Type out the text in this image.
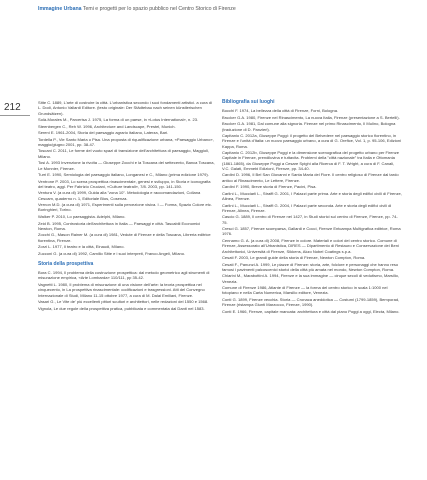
Immagine Urbana Temi e progetti per lo spazio pubblico nel Centro Storico di Firenze
212	Sitte C. 1889, L'arte di costruire la città. L'urbanistica secondo i suoi fondamenti artistici. a cura di L. Dodi, Antonio Vallardi Editore. (testo originale: Der Städtebau nach seinen künstlerischen Grundsätzen).

Solà-Morales M., Parcerisa J. 1975, La forma di un paese, in «Lotus International», n. 23.

Steenbergen C., Reh W. 1996, Architecture and Landscape, Prestel, Munich.

Sereni E. 1961-2004, Storia del paesaggio agrario italiano, Laterza, Bari.

Tordella P., Vie Santo Maria o Pisa. Una proposta di riqualificazione urbana, «Paesaggio Urbano», maggio/giugno 2001, pp. 38-47.

Toscani C. 2011, Le forme del vuoto spazi di transizione dell'architettura di paesaggio, Maggioli, Milano.

Tosi A. 1993 Invenzione la rivolta — Giuseppe Zocchi e la Toscana del settecento, Banca Toscana, Le Monnier, Firenze.

Turri E. 1990, Semiologia del paesaggio italiano, Longanesi e C., Milano (prima edizione 1979).

Ventrone P. 2003, Lo scena prospettica rinascimentale, genesi e sviluppo, in Storia e iconografia del teatro, aggi. Per Fabrizio Cruciani, «Culture teatrali», 7/8. 2003, pp. 141-150.

Ventura V. (a cura di) 1999, Guida alla "zona 10". Metodologia e raccomandazioni, Collana Cescam, quaderno n. 1, Editoriale Bios, Cosenza.

Vernon M.D. (a cura di) 1971, Esperimenti sulla percezione visiva. I — Forma, Spazio Colore etc. Boringhieri, Torino.

Walker P. 2010, Lo paesaggista. Adelphi, Milano.

Zeid B. 1995, Controstoria dell'architettura in Italia — Paesaggi e città. Tascabili Economici Newton, Roma.

Zocchi G., Mason Rainer M. (a cura di) 1981, Vedute di Firenze e della Toscana, Libreria editrice fiorentina, Firenze.

Zorzi L. 1977, Il teatro e la città, Einaudi, Milano.

Zucconi G. (a cura di) 1992, Camillo Sitte e i suoi interpreti, Franco Angeli, Milano.

Storia della prospettiva

Bora C. 1994, Il problema della costruzione prospettica: dal metodo geometrico agli strumenti di misurazione empirica, «Arte Lombarda» 110/111, pp 35-42.

Vagnetti L. 1980, Il problema di misurazione di una visione dell'arte: la teoria prospettica nel cinquecento, in La prospettiva rinascimentale: codificazioni e trasgressioni. Atti del Convegno Internazionale di Studi, Milano 11-15 ottobre 1977, a cura di M. Dalai Emiliani, Firenze.

Vasari G., Le Vite de' più eccellenti pittori scultori e architettori, nelle redazioni del 1550 e 1568.

Vignola, Le due regole della prospettiva pratica, pubblicata e commentata dal Danti nel 1583.

Bibliografia sui luoghi

Bocchi F. 1974, La bellezza della città di Firenze, Forni, Bologna.

Brucker G.A. 1980, Firenze nel Rinascimento, La nuova Italia, Firenze (presentazione a S. Bertelli).

Brucker G.A. 1981, Dal comune alla signoria. Firenze nel primo Rinascimento, Il Mulino, Bologna (traduzione di D. Panzieri).

Capitanio C. 2012a, Giuseppe Poggi: il progetto del Belvedere nel paesaggio storico fiorentino, in Firenze e l'unità d'Italia: un nuovo paesaggio urbano, a cura di G. Orefice, Vol. 1, p. 95-106, Edizioni Kappa, Roma.

Capitanio C. 2012b, Giuseppe Poggi e la dimensione scenografica del progetto urbano per Firenze Capitale in Firenze, prendiluvina e tuttavita. Problemi della "città nazionale" tra Italia e Ottomania (1861-1865), da Giuseppe Poggi a Cesare Spighi alla Ricerca di F. T. Wright, a cura di F. Canali, V.C. Galati, Emmebi Edizioni, Firenze, pp. 34-40.

Cardini D. 1996, Il Bel San Giovanni e Santa Maria del Fiore. Il centro religioso di Firenze dal tardo antico al Rinascimento, Le Lettere, Firenze.

Cardini F. 1990, Breve storia di Firenze, Pacini, Pisa.

Carlini L., Mucciarli L., Straffi G. 2001, I Palazzi parte prima. Arte e storia degli edifici civili di Firenze, Alinea, Firenze.

Carlini L., Mucciarli L., Straffi G. 2004, I Palazzi parte seconda. Arte e storia degli edifici civili di Firenze, Alinea, Firenze.

Cascio G. 1889, Il centro di Firenze nel 1427, in Studi storici sul centro di Firenze, Firenze, pp. 74-75.

Cresci G. 1857, Firenze scomparsa, Gallardi e Cocci, Firenze Entcampa Multigrafica editrice, Roma 1976.

Cennamo G. A. (a cura di) 2008, Firenze in colore. Materiali e colori del centro storico. Comune di Firenze, Assessorato all'Urbanistica, DIRES — Dipartimento di Restauro e Conservazione dei Beni Architettonici, Università di Firenze, Sikkens, Akzo Nobel Coatings s.p.a.

Cesati F. 2003, Le grandi guide della storia di Firenze, Newton Compton, Roma.

Cesati F., Panunzi A. 1999, Le piazze di Firenze: storia, arte, folclore e personaggi che hanno reso famosi i pavimenti palcoscenici storici della città più amata nel mondo, Newton Compton, Roma.

Chiarini M., Marabottini A. 1994, Firenze e la sua immagine — cinque secoli di vedutismo, Marsilio, Venezia.

Comune di Firenze 1986, Atlante di Firenze — la forma del centro storico in scala 1:1000 nel fotopiano e nella Carta Numerica, Marsilio editore, Venezia.

Conti G. 1899, Firenze vecchia. Storia — Cronaca aneddotica — Costumi (1799-1859), Bemporad, Firenze (ristampa Giunti Marzocco, Firenze, 1990).

Conti E. 1966, Firenze, capitale mancata: architettura e città dal piano Poggi a oggi, Electa, Milano.
